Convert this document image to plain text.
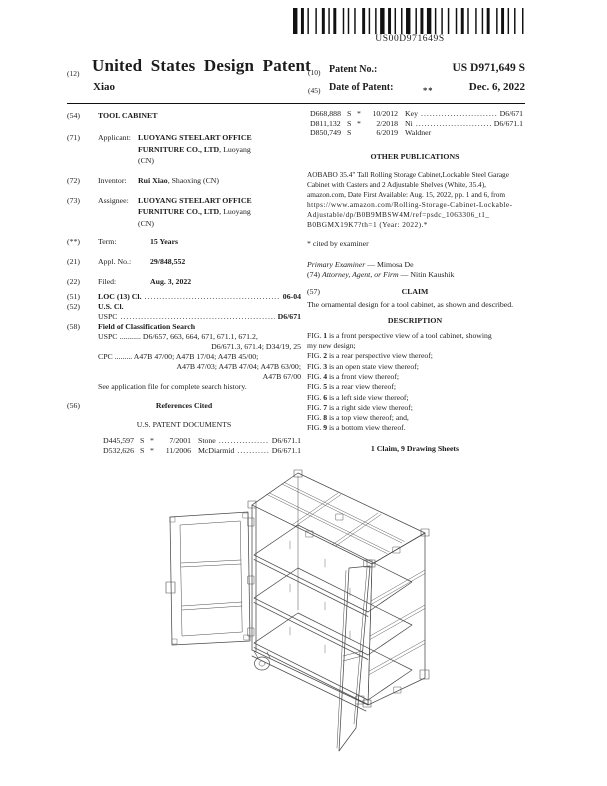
US00D971649S
(12) United States Design Patent
Xiao
(10) Patent No.:	US D971,649 S
(45) Date of Patent:	**	Dec. 6, 2022
(54)	TOOL CABINET
(71)	Applicant: LUOYANG STEELART OFFICE
FURNITURE CO., LTD, Luoyang
(CN)
(72)	Inventor:	Rui Xiao, Shaoxing (CN)
(73)	Assignee:	LUOYANG STEELART OFFICE
FURNITURE CO., LTD, Luoyang
(CN)
(**)	Term:	15 Years
(21)	Appl. No.:	29/848,552
(22)	Filed:	Aug. 3, 2022
(51)	LOC (13) Cl. .....	06-04
(52)	U.S. Cl.
USPC .....	D6/671
(58)	Field of Classification Search
USPC ........... D6/657, 663, 664, 671, 671.1, 671.2,
D6/671.3, 671.4; D34/19, 25
CPC ......... A47B 47/00; A47B 17/04; A47B 45/00;
A47B 47/03; A47B 47/04; A47B 63/00;
A47B 67/00
See application file for complete search history.
(56)	References Cited
U.S. PATENT DOCUMENTS
D445,597 S *	7/2001 Stone .....	D6/671.1
D532,626 S *	11/2006 McDiarmid .....	D6/671.1
D668,888 S *	10/2012 Key .....	D6/671
D811,132 S *	2/2018 Ni .....	D6/671.1
D850,749 S	6/2019 Waldner
OTHER PUBLICATIONS
AOBABO 35.4" Tall Rolling Storage Cabinet,Lockable Steel Garage
Cabinet with Casters and 2 Adjustable Shelves (White, 35.4),
amazon.com, Date First Available: Aug. 15, 2022, pp. 1 and 6, from
https://www.amazon.com/Rolling-Storage-Cabinet-Lockable-
Adjustable/dp/B0B9MBSW4M/ref=psdc_1063306_t1_
B0BGMX19K7?th=1 (Year: 2022).*
* cited by examiner
Primary Examiner — Mimosa De
(74) Attorney, Agent, or Firm — Nitin Kaushik
(57)	CLAIM
The ornamental design for a tool cabinet, as shown and described.
DESCRIPTION
FIG. 1 is a front perspective view of a tool cabinet, showing
my new design;
FIG. 2 is a rear perspective view thereof;
FIG. 3 is an open state view thereof;
FIG. 4 is a front view thereof;
FIG. 5 is a rear view thereof;
FIG. 6 is a left side view thereof;
FIG. 7 is a right side view thereof;
FIG. 8 is a top view thereof; and,
FIG. 9 is a bottom view thereof.
1 Claim, 9 Drawing Sheets
